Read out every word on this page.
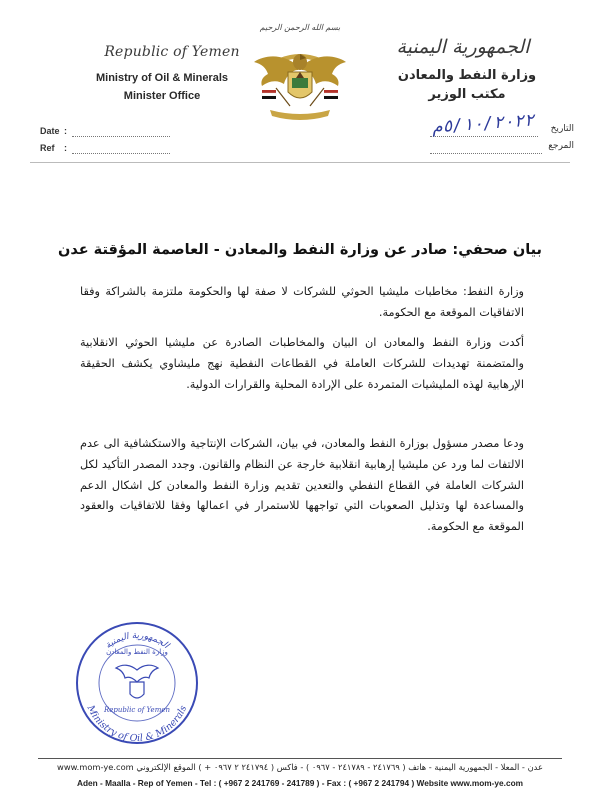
Republic of Yemen
Ministry of Oil & Minerals
Minister Office
الجمهورية اليمنية
وزارة النفط والمعادن
مكتب الوزير
بسم الله الرحمن الرحيم
Date :
Ref :
التاريخ
٥/١٠/٢٠٢٢م
المرجع
بيان صحفي: صادر عن وزارة النفط والمعادن - العاصمة المؤقتة عدن
وزارة النفط: مخاطبات مليشيا الحوثي للشركات لا صفة لها والحكومة ملتزمة بالشراكة وفقا الاتفاقيات الموقعة مع الحكومة.
أكدت وزارة النفط والمعادن ان البيان والمخاطبات الصادرة عن مليشيا الحوثي الانقلابية والمتضمنة تهديدات للشركات العاملة في القطاعات النفطية نهج مليشاوي يكشف الحقيقة الإرهابية لهذه المليشيات المتمردة على الإرادة المحلية والقرارات الدولية.
ودعا مصدر مسؤول بوزارة النفط والمعادن، في بيان، الشركات الإنتاجية والاستكشافية الى عدم الالتفات لما ورد عن مليشيا إرهابية انقلابية خارجة عن النظام والقانون. وجدد المصدر التأكيد لكل الشركات العاملة في القطاع النفطي والتعدين تقديم وزارة النفط والمعادن كل اشكال الدعم والمساعدة لها وتذليل الصعوبات التي تواجهها للاستمرار في اعمالها وفقا للاتفاقيات والعقود الموقعة مع الحكومة.
الجمهورية اليمنية
وزارة النفط والمعادن
Republic of Yemen
Ministry of Oil & Minerals
عدن - المعلا - الجمهورية اليمنية - هاتف ( ٢٤١٧٦٩ - ٢٤١٧٨٩ - ٠٩٦٧ ) - فاكس ( ٢٤١٧٩٤ ٢ ٠٩٦٧ + ) الموقع الإلكتروني www.mom-ye.com
Aden - Maalla - Rep of Yemen - Tel : ( +967 2 241769 - 241789 ) - Fax : ( +967 2 241794 ) Website www.mom-ye.com
